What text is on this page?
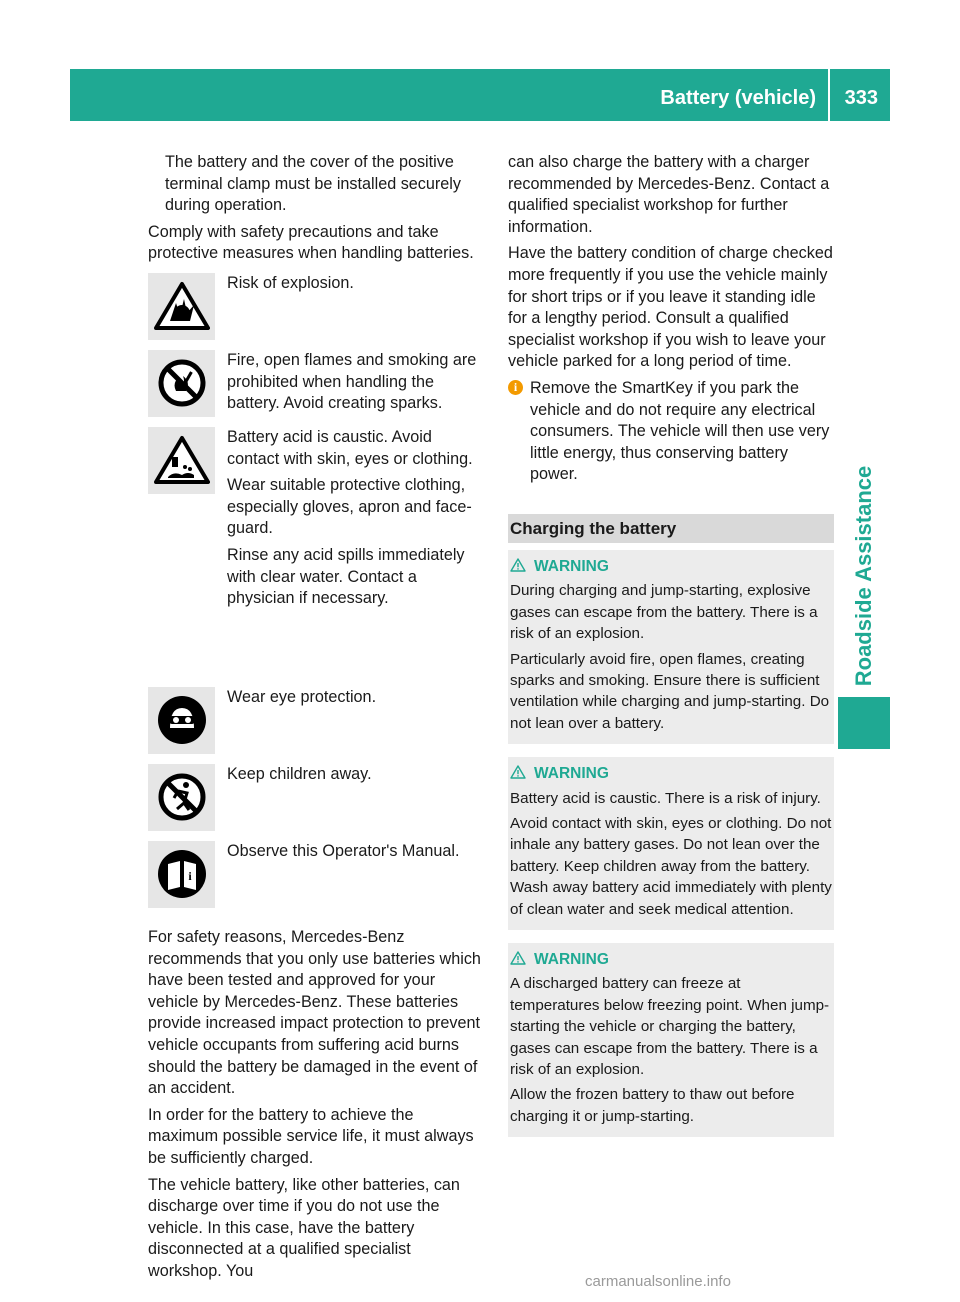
Battery (vehicle) 333
Roadside Assistance

The battery and the cover of the positive terminal clamp must be installed securely during operation.

Comply with safety precautions and take protective measures when handling batteries.

Risk of explosion.

Fire, open flames and smoking are prohibited when handling the battery. Avoid creating sparks.

Battery acid is caustic. Avoid contact with skin, eyes or clothing.

Wear suitable protective clothing, especially gloves, apron and face-guard.

Rinse any acid spills immediately with clear water. Contact a physician if necessary.

Wear eye protection.

Keep children away.

i

Observe this Operator's Manual.

For safety reasons, Mercedes-Benz recommends that you only use batteries which have been tested and approved for your vehicle by Mercedes-Benz. These batteries provide increased impact protection to prevent vehicle occupants from suffering acid burns should the battery be damaged in the event of an accident.

In order for the battery to achieve the maximum possible service life, it must always be sufficiently charged.

The vehicle battery, like other batteries, can discharge over time if you do not use the vehicle. In this case, have the battery disconnected at a qualified specialist workshop. You

can also charge the battery with a charger recommended by Mercedes-Benz. Contact a qualified specialist workshop for further information.

Have the battery condition of charge checked more frequently if you use the vehicle mainly for short trips or if you leave it standing idle for a lengthy period. Consult a qualified specialist workshop if you wish to leave your vehicle parked for a long period of time.

i Remove the SmartKey if you park the vehicle and do not require any electrical consumers. The vehicle will then use very little energy, thus conserving battery power.

Charging the battery
WARNING

During charging and jump-starting, explosive gases can escape from the battery. There is a risk of an explosion.

Particularly avoid fire, open flames, creating sparks and smoking. Ensure there is sufficient ventilation while charging and jump-starting. Do not lean over a battery.

WARNING

Battery acid is caustic. There is a risk of injury.

Avoid contact with skin, eyes or clothing. Do not inhale any battery gases. Do not lean over the battery. Keep children away from the battery. Wash away battery acid immediately with plenty of clean water and seek medical attention.

WARNING

A discharged battery can freeze at temperatures below freezing point. When jump-starting the vehicle or charging the battery, gases can escape from the battery. There is a risk of an explosion.

Allow the frozen battery to thaw out before charging it or jump-starting.

carmanualsonline.info
